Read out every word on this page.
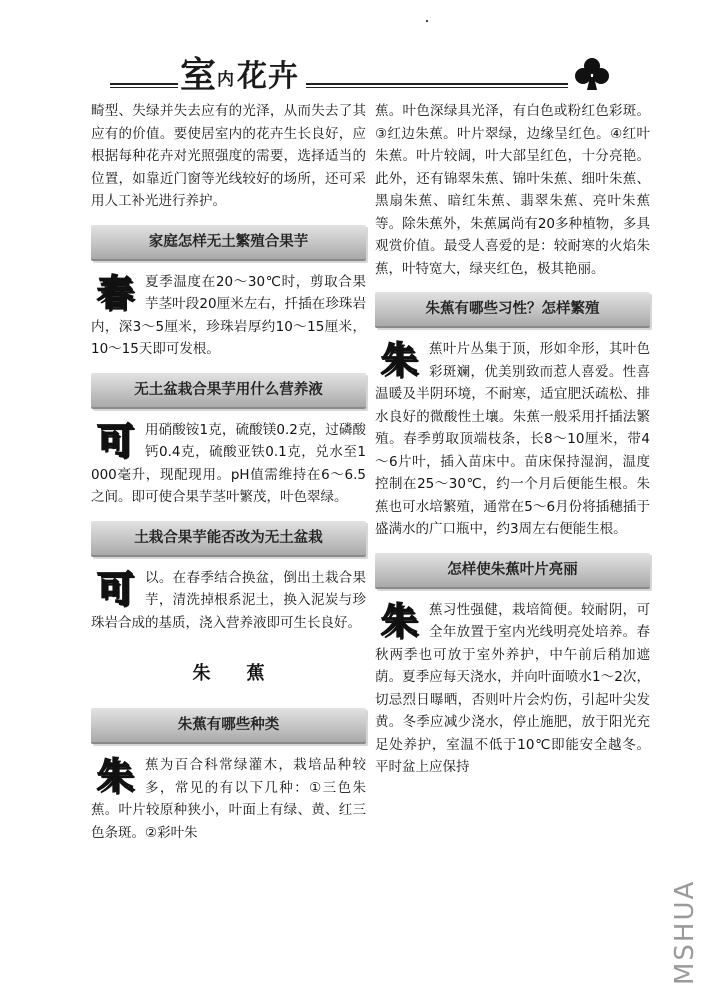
室 内 花卉

畸型、失绿并失去应有的光泽，从而失去了其应有的价值。要使居室内的花卉生长良好，应根据每种花卉对光照强度的需要，选择适当的位置，如靠近门窗等光线较好的场所，还可采用人工补光进行养护。

家庭怎样无土繁殖合果芋

春夏季温度在20～30℃时，剪取合果芋茎叶段20厘米左右，扦插在珍珠岩内，深3～5厘米，珍珠岩厚约10～15厘米，10～15天即可发根。

无土盆栽合果芋用什么营养液

可用硝酸铵1克，硫酸镁0.2克，过磷酸钙0.4克，硫酸亚铁0.1克，兑水至1000毫升，现配现用。pH值需维持在6～6.5之间。即可使合果芋茎叶繁茂，叶色翠绿。

土栽合果芋能否改为无土盆栽

可以。在春季结合换盆，倒出土栽合果芋，清洗掉根系泥土，换入泥炭与珍珠岩合成的基质，浇入营养液即可生长良好。

朱　　蕉
朱蕉有哪些种类

朱蕉为百合科常绿灌木，栽培品种较多，常见的有以下几种：①三色朱蕉。叶片较原种狭小，叶面上有绿、黄、红三色条斑。②彩叶朱

蕉。叶色深绿具光泽，有白色或粉红色彩斑。③红边朱蕉。叶片翠绿，边缘呈红色。④红叶朱蕉。叶片较阔，叶大部呈红色，十分亮艳。此外，还有锦翠朱蕉、锦叶朱蕉、细叶朱蕉、黑扇朱蕉、暗红朱蕉、翡翠朱蕉、亮叶朱蕉等。除朱蕉外，朱蕉属尚有20多种植物，多具观赏价值。最受人喜爱的是：较耐寒的火焰朱蕉，叶特宽大，绿夹红色，极其艳丽。

朱蕉有哪些习性？怎样繁殖

朱蕉叶片丛集于顶，形如伞形，其叶色彩斑斓，优美别致而惹人喜爱。性喜温暖及半阴环境，不耐寒，适宜肥沃疏松、排水良好的微酸性土壤。朱蕉一般采用扦插法繁殖。春季剪取顶端枝条，长8～10厘米，带4～6片叶，插入苗床中。苗床保持湿润，温度控制在25～30℃，约一个月后便能生根。朱蕉也可水培繁殖，通常在5～6月份将插穗插于盛满水的广口瓶中，约3周左右便能生根。

怎样使朱蕉叶片亮丽

朱蕉习性强健，栽培简便。较耐阴，可全年放置于室内光线明亮处培养。春秋两季也可放于室外养护，中午前后稍加遮荫。夏季应每天浇水，并向叶面喷水1～2次，切忌烈日曝晒，否则叶片会灼伤，引起叶尖发黄。冬季应减少浇水，停止施肥，放于阳光充足处养护，室温不低于10℃即能安全越冬。平时盆上应保持

MSHUA
